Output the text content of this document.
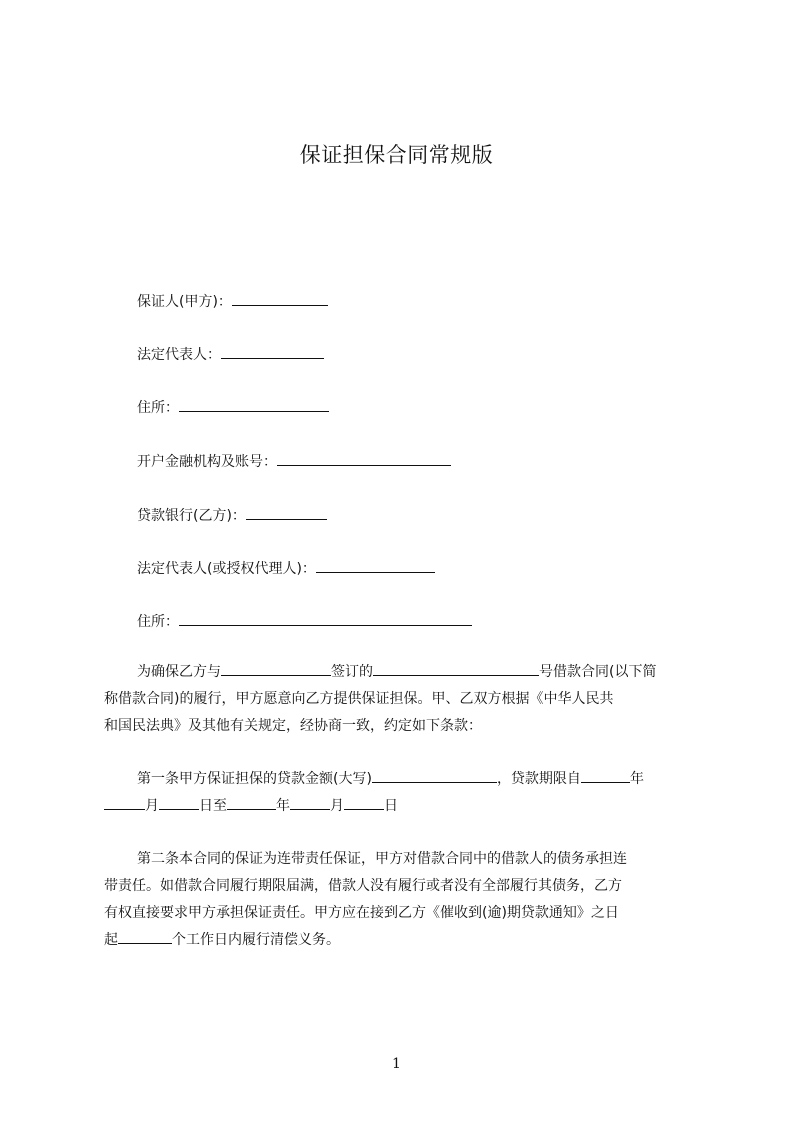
保证担保合同常规版
保证人(甲方)：
法定代表人：
住所：
开户金融机构及账号：
贷款银行(乙方)：
法定代表人(或授权代理人)：
住所：
为确保乙方与	签订的	号借款合同(以下简
称借款合同)的履行，甲方愿意向乙方提供保证担保。甲、乙双方根据《中华人民共
和国民法典》及其他有关规定，经协商一致，约定如下条款：
第一条甲方保证担保的贷款金额(大写)	，贷款期限自	年
月	日至	年	月	日
第二条本合同的保证为连带责任保证，甲方对借款合同中的借款人的债务承担连
带责任。如借款合同履行期限届满，借款人没有履行或者没有全部履行其债务，乙方
有权直接要求甲方承担保证责任。甲方应在接到乙方《催收到(逾)期贷款通知》之日
起	个工作日内履行清偿义务。
1
